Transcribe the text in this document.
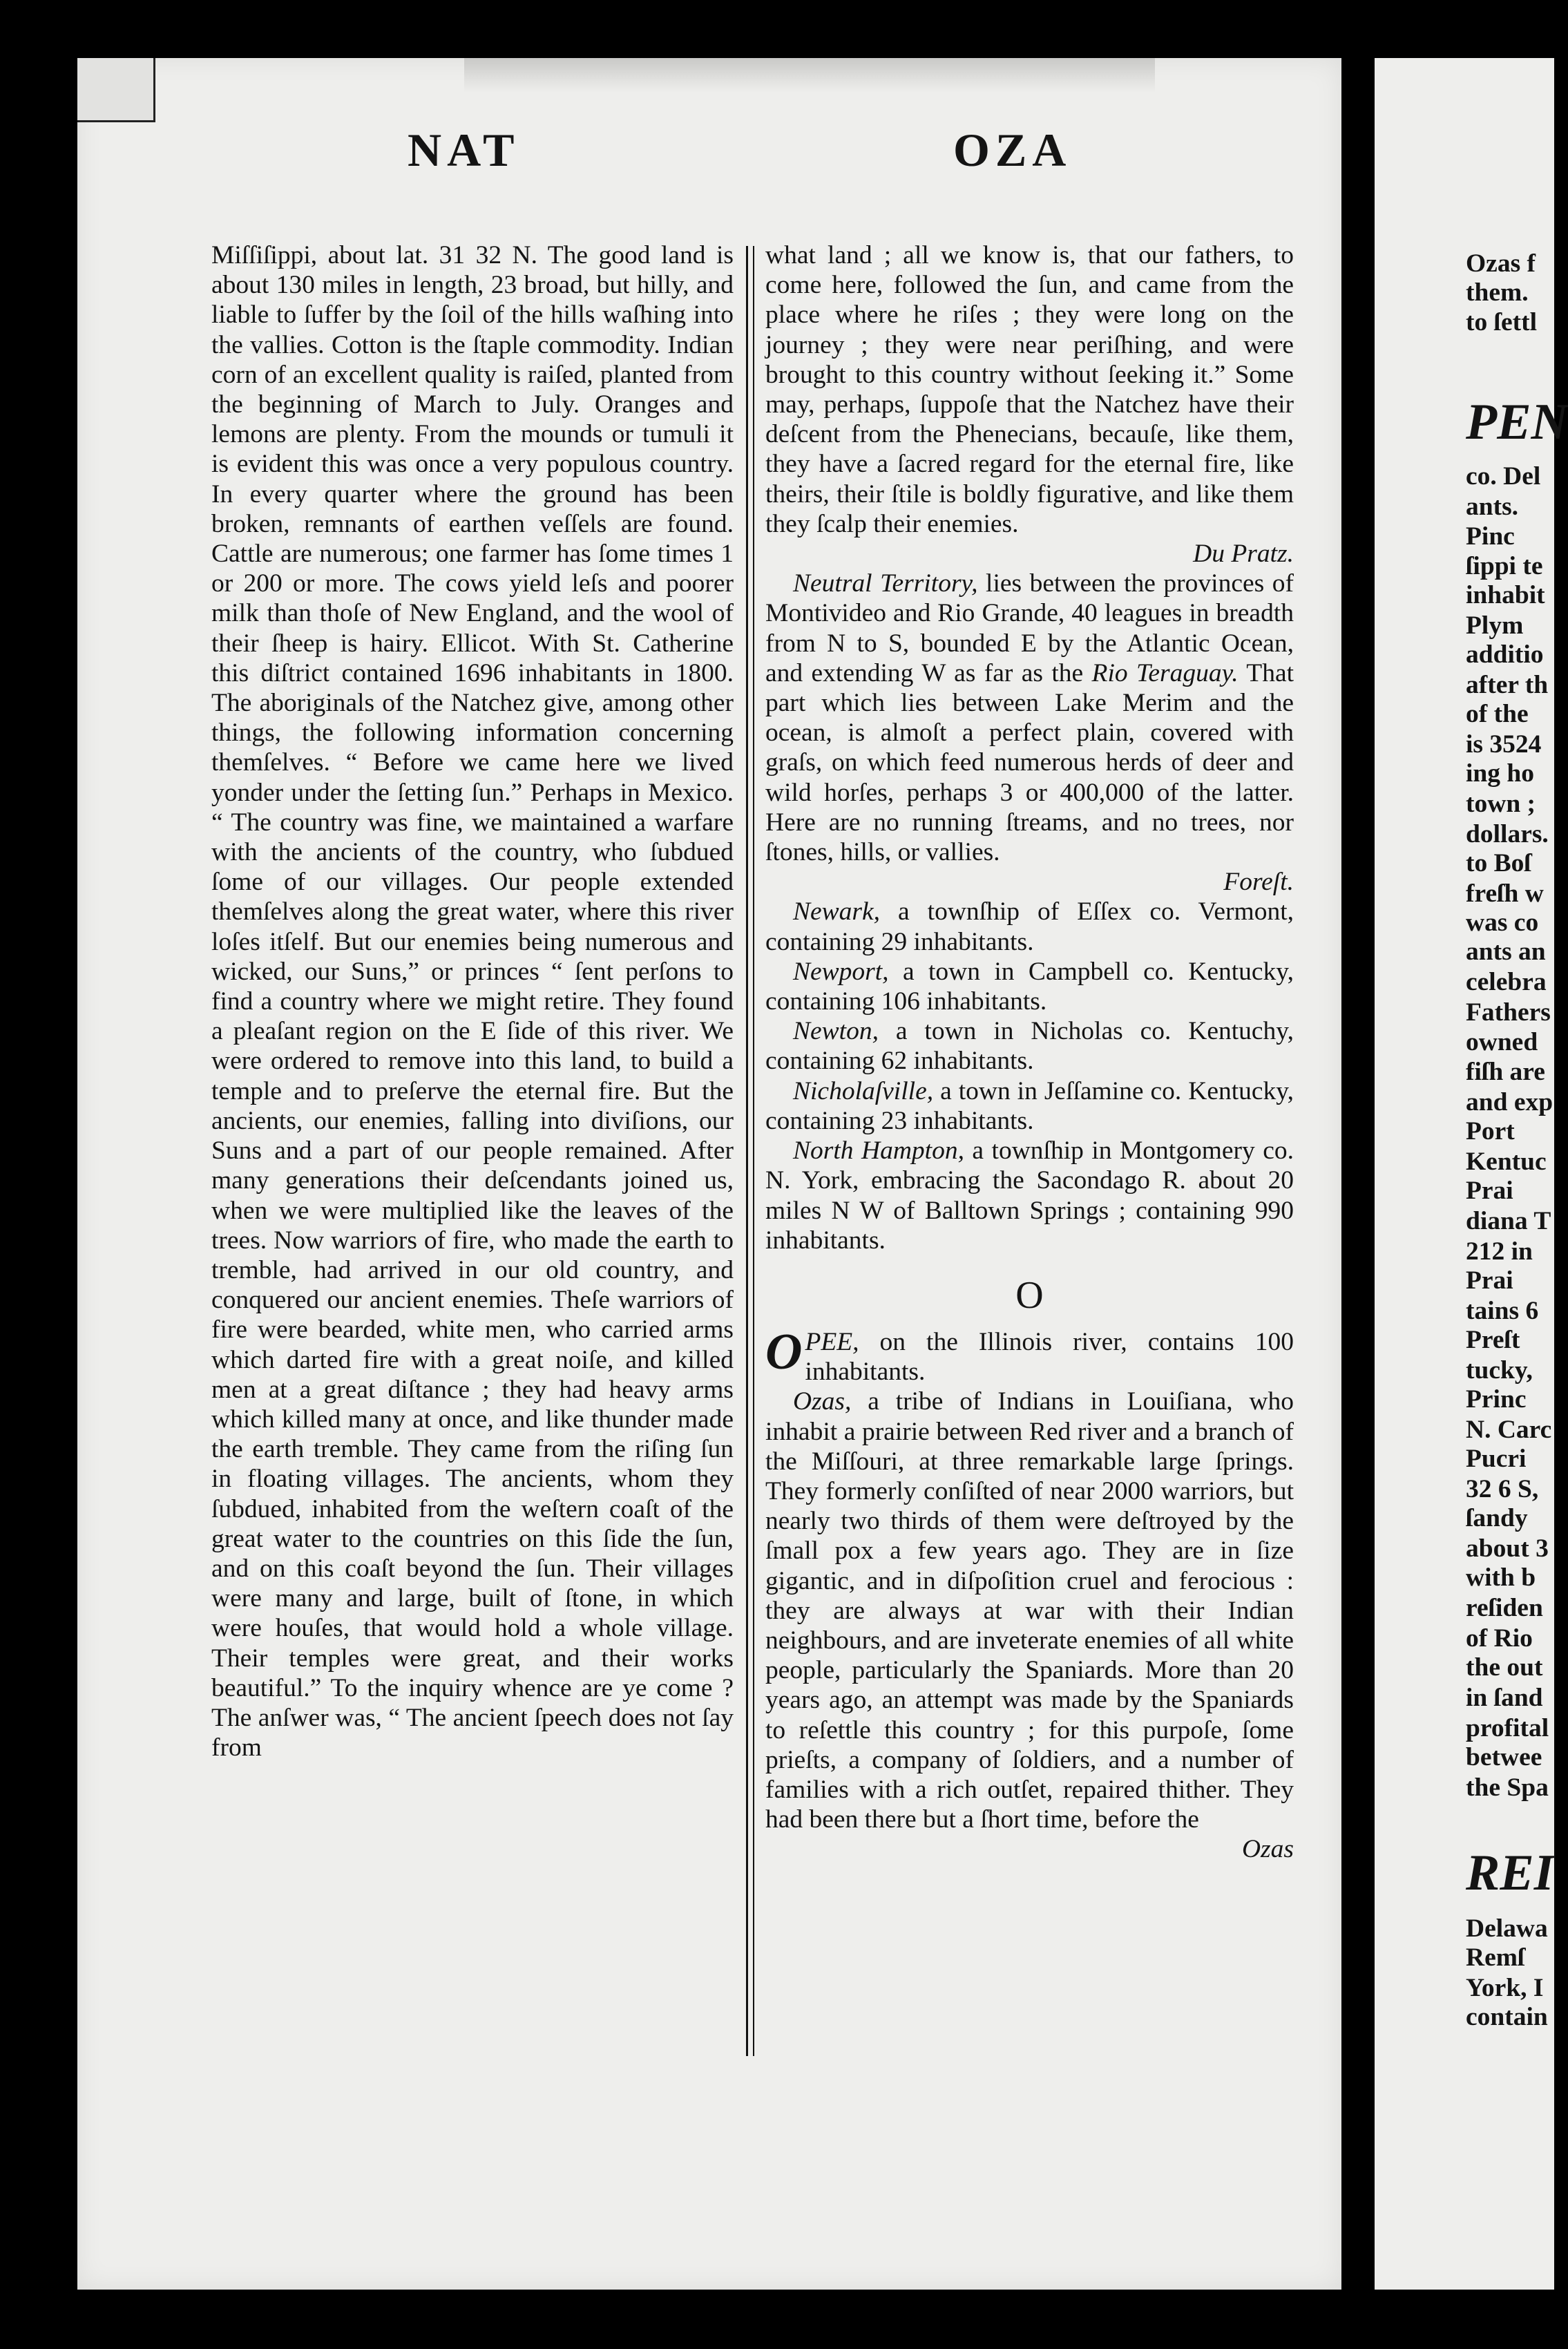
NAT	OZA

Miſſiſippi, about lat. 31 32 N. The good land is about 130 miles in length, 23 broad, but hilly, and liable to ſuffer by the ſoil of the hills waſhing into the vallies. Cotton is the ſtaple commodity. Indian corn of an excellent quality is raiſed, planted from the beginning of March to July. Oranges and lemons are plenty. From the mounds or tumuli it is evident this was once a very populous country. In every quarter where the ground has been broken, remnants of earthen veſſels are found. Cattle are numerous; one farmer has ſome times 1 or 200 or more. The cows yield leſs and poorer milk than thoſe of New England, and the wool of their ſheep is hairy. Ellicot. With St. Catherine this diſtrict contained 1696 inhabitants in 1800. The aboriginals of the Natchez give, among other things, the following information concerning themſelves. “ Before we came here we lived yonder under the ſetting ſun.” Perhaps in Mexico. “ The country was fine, we maintained a warfare with the ancients of the country, who ſubdued ſome of our villages. Our people extended themſelves along the great water, where this river loſes itſelf. But our enemies being numerous and wicked, our Suns,” or princes “ ſent perſons to find a country where we might retire. They found a pleaſant region on the E ſide of this river. We were ordered to remove into this land, to build a temple and to preſerve the eternal fire. But the ancients, our enemies, falling into diviſions, our Suns and a part of our people remained. After many generations their deſcendants joined us, when we were multiplied like the leaves of the trees. Now warriors of fire, who made the earth to tremble, had arrived in our old country, and conquered our ancient enemies. Theſe warriors of fire were bearded, white men, who carried arms which darted fire with a great noiſe, and killed men at a great diſtance ; they had heavy arms which killed many at once, and like thunder made the earth tremble. They came from the riſing ſun in floating villages. The ancients, whom they ſubdued, inhabited from the weſtern coaſt of the great water to the countries on this ſide the ſun, and on this coaſt beyond the ſun. Their villages were many and large, built of ſtone, in which were houſes, that would hold a whole village. Their temples were great, and their works beautiful.” To the inquiry whence are ye come ? The anſwer was, “ The ancient ſpeech does not ſay from

what land ; all we know is, that our fathers, to come here, followed the ſun, and came from the place where he riſes ; they were long on the journey ; they were near periſhing, and were brought to this country without ſeeking it.” Some may, perhaps, ſuppoſe that the Natchez have their deſcent from the Phenecians, becauſe, like them, they have a ſacred regard for the eternal fire, like theirs, their ſtile is boldly figurative, and like them they ſcalp their enemies.
Du Pratz.

Neutral Territory, lies between the provinces of Montivideo and Rio Grande, 40 leagues in breadth from N to S, bounded E by the Atlantic Ocean, and extending W as far as the Rio Teraguay. That part which lies between Lake Merim and the ocean, is almoſt a perfect plain, covered with graſs, on which feed numerous herds of deer and wild horſes, perhaps 3 or 400,000 of the latter. Here are no running ſtreams, and no trees, nor ſtones, hills, or vallies.
Foreſt.

Newark, a townſhip of Eſſex co. Vermont, containing 29 inhabitants.

Newport, a town in Campbell co. Kentucky, containing 106 inhabitants.

Newton, a town in Nicholas co. Kentuchy, containing 62 inhabitants.

Nicholaſville, a town in Jeſſamine co. Kentucky, containing 23 inhabitants.

North Hampton, a townſhip in Montgomery co. N. York, embracing the Sacondago R. about 20 miles N W of Balltown Springs ; containing 990 inhabitants.

O

OPEE, on the Illinois river, contains 100 inhabitants.

Ozas, a tribe of Indians in Louiſiana, who inhabit a prairie between Red river and a branch of the Miſſouri, at three remarkable large ſprings. They formerly conſiſted of near 2000 warriors, but nearly two thirds of them were deſtroyed by the ſmall pox a few years ago. They are in ſize gigantic, and in diſpoſition cruel and ferocious : they are always at war with their Indian neighbours, and are inveterate enemies of all white people, particularly the Spaniards. More than 20 years ago, an attempt was made by the Spaniards to reſettle this country ; for this purpoſe, ſome prieſts, a company of ſoldiers, and a number of families with a rich outſet, repaired thither. They had been there but a ſhort time, before the

Ozas
Ozas f
them.
to ſettl
PEN
co. Del
ants.
Pinc
ſippi te
inhabit
Plym
additio
after th
of the
is 3524
ing ho
town ;
dollars.
to Boſ
freſh w
was co
ants an
celebra
Fathers
owned
fiſh are
and exp
Port
Kentuc
Prai
diana T
212 in
Prai
tains 6
Preſt
tucky,
Princ
N. Carc
Pucri
32 6 S,
ſandy
about 3
with b
reſiden
of Rio
the out
in ſand
profital
betwee
the Spa
REI
Delawa
Remſ
York, I
contain
